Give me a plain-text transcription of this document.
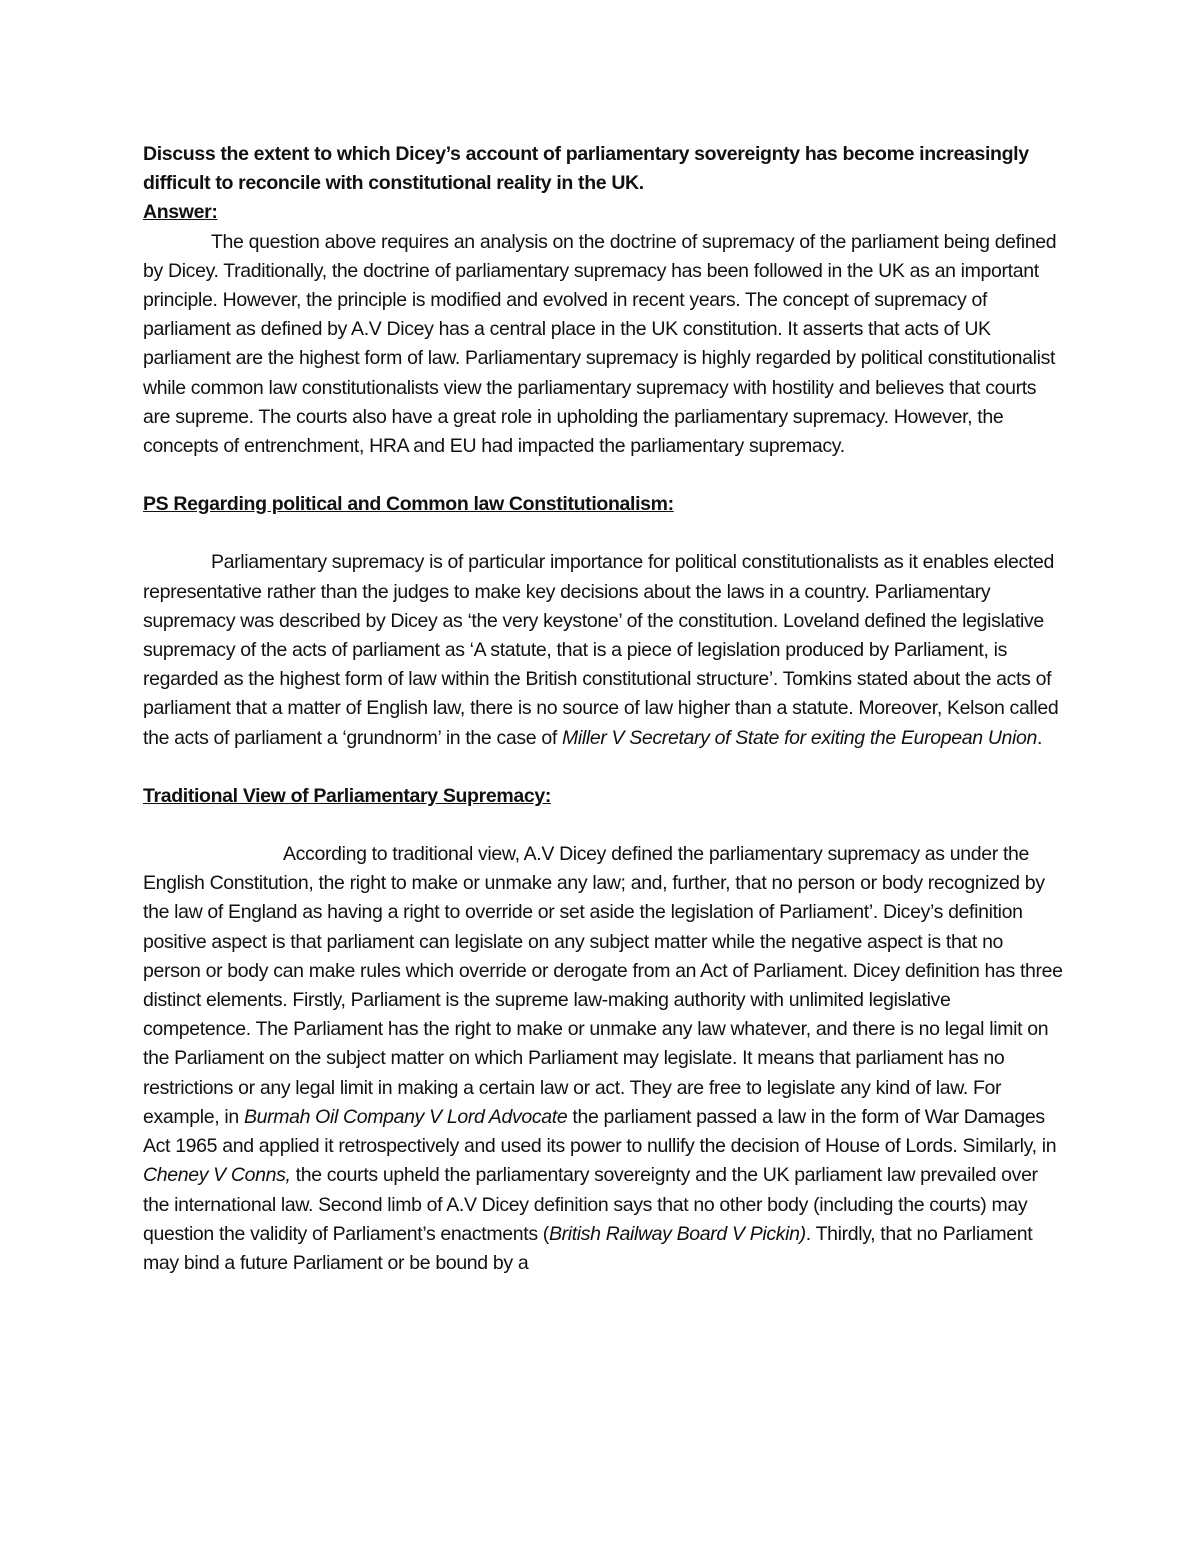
Discuss the extent to which Dicey’s account of parliamentary sovereignty has become increasingly difficult to reconcile with constitutional reality in the UK.

Answer:

The question above requires an analysis on the doctrine of supremacy of the parliament being defined by Dicey. Traditionally, the doctrine of parliamentary supremacy has been followed in the UK as an important principle. However, the principle is modified and evolved in recent years. The concept of supremacy of parliament as defined by A.V Dicey has a central place in the UK constitution. It asserts that acts of UK parliament are the highest form of law. Parliamentary supremacy is highly regarded by political constitutionalist while common law constitutionalists view the parliamentary supremacy with hostility and believes that courts are supreme. The courts also have a great role in upholding the parliamentary supremacy. However, the concepts of entrenchment, HRA and EU had impacted the parliamentary supremacy.

PS Regarding political and Common law Constitutionalism:

Parliamentary supremacy is of particular importance for political constitutionalists as it enables elected representative rather than the judges to make key decisions about the laws in a country. Parliamentary supremacy was described by Dicey as ‘the very keystone’ of the constitution. Loveland defined the legislative supremacy of the acts of parliament as ‘A statute, that is a piece of legislation produced by Parliament, is regarded as the highest form of law within the British constitutional structure’. Tomkins stated about the acts of parliament that a matter of English law, there is no source of law higher than a statute. Moreover, Kelson called the acts of parliament a ‘grundnorm’ in the case of Miller V Secretary of State for exiting the European Union.

Traditional View of Parliamentary Supremacy:

According to traditional view, A.V Dicey defined the parliamentary supremacy as under the English Constitution, the right to make or unmake any law; and, further, that no person or body recognized by the law of England as having a right to override or set aside the legislation of Parliament’. Dicey’s definition positive aspect is that parliament can legislate on any subject matter while the negative aspect is that no person or body can make rules which override or derogate from an Act of Parliament. Dicey definition has three distinct elements. Firstly, Parliament is the supreme law-making authority with unlimited legislative competence. The Parliament has the right to make or unmake any law whatever, and there is no legal limit on the Parliament on the subject matter on which Parliament may legislate. It means that parliament has no restrictions or any legal limit in making a certain law or act. They are free to legislate any kind of law. For example, in Burmah Oil Company V Lord Advocate the parliament passed a law in the form of War Damages Act 1965 and applied it retrospectively and used its power to nullify the decision of House of Lords. Similarly, in Cheney V Conns, the courts upheld the parliamentary sovereignty and the UK parliament law prevailed over the international law. Second limb of A.V Dicey definition says that no other body (including the courts) may question the validity of Parliament’s enactments (British Railway Board V Pickin). Thirdly, that no Parliament may bind a future Parliament or be bound by a
